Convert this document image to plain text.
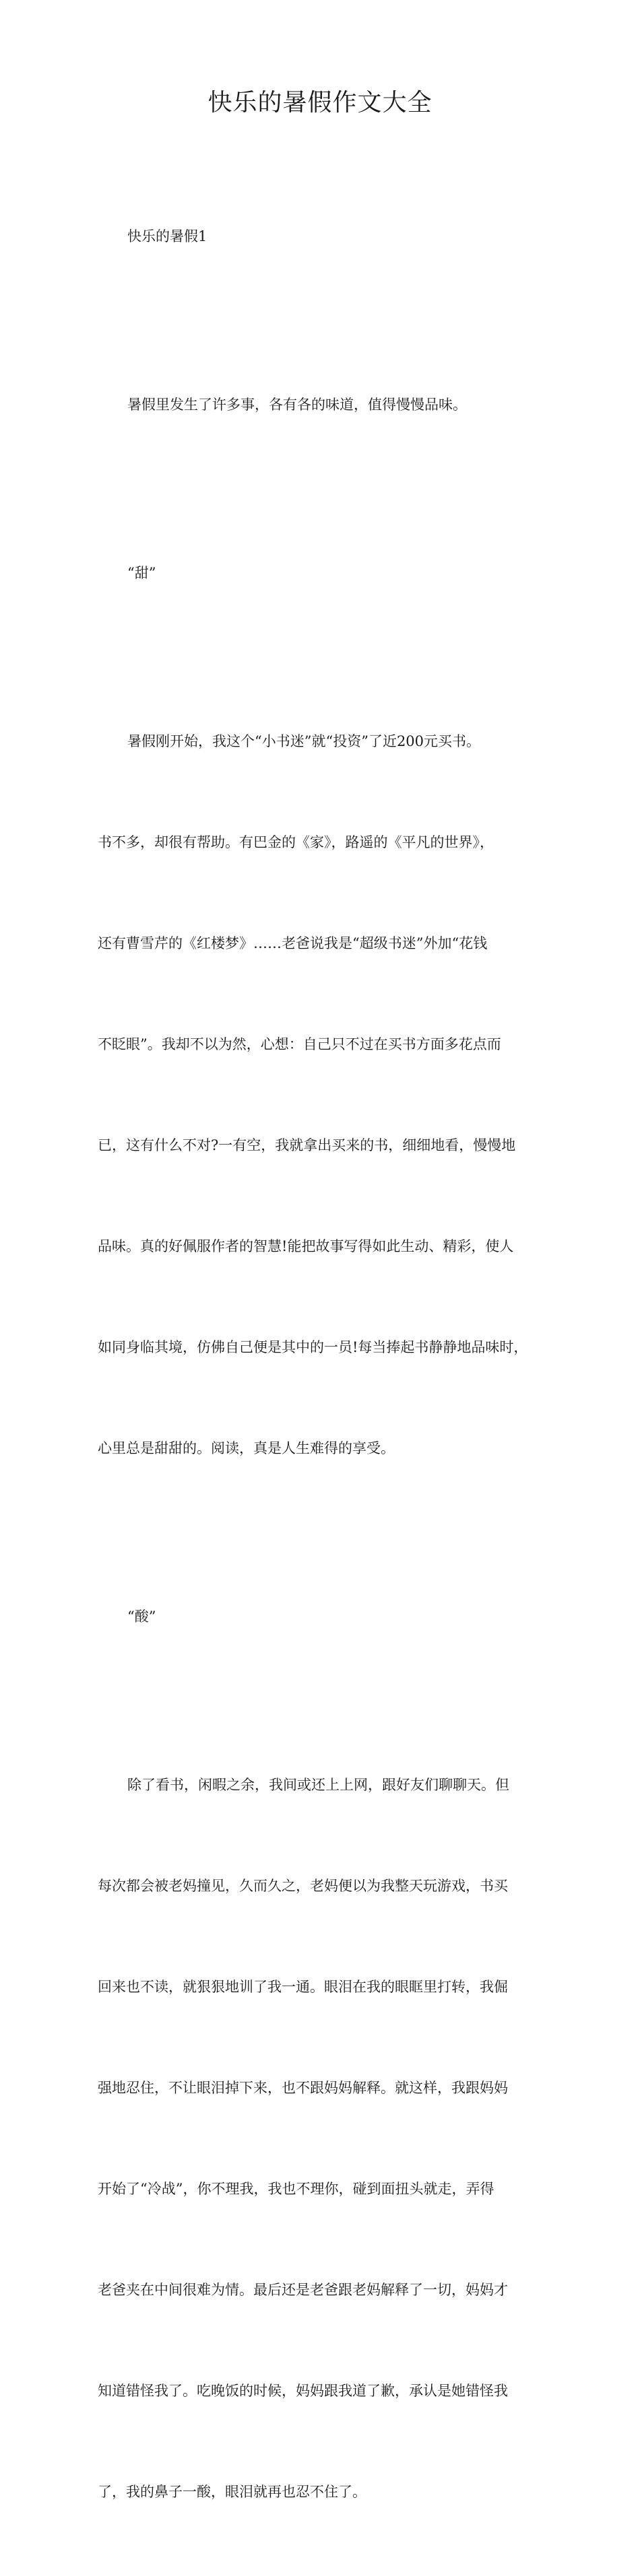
快乐的暑假作文大全

快乐的暑假1

暑假里发生了许多事，各有各的味道，值得慢慢品味。

“甜”

暑假刚开始，我这个“小书迷”就“投资”了近200元买书。

书不多，却很有帮助。有巴金的《家》，路遥的《平凡的世界》，

还有曹雪芹的《红楼梦》……老爸说我是“超级书迷”外加“花钱

不眨眼”。我却不以为然，心想：自己只不过在买书方面多花点而

已，这有什么不对?一有空，我就拿出买来的书，细细地看，慢慢地

品味。真的好佩服作者的智慧!能把故事写得如此生动、精彩，使人

如同身临其境，仿佛自己便是其中的一员!每当捧起书静静地品味时，

心里总是甜甜的。阅读，真是人生难得的享受。

“酸”

除了看书，闲暇之余，我间或还上上网，跟好友们聊聊天。但

每次都会被老妈撞见，久而久之，老妈便以为我整天玩游戏，书买

回来也不读，就狠狠地训了我一通。眼泪在我的眼眶里打转，我倔

强地忍住，不让眼泪掉下来，也不跟妈妈解释。就这样，我跟妈妈

开始了“冷战”，你不理我，我也不理你，碰到面扭头就走，弄得

老爸夹在中间很难为情。最后还是老爸跟老妈解释了一切，妈妈才

知道错怪我了。吃晚饭的时候，妈妈跟我道了歉，承认是她错怪我

了，我的鼻子一酸，眼泪就再也忍不住了。
